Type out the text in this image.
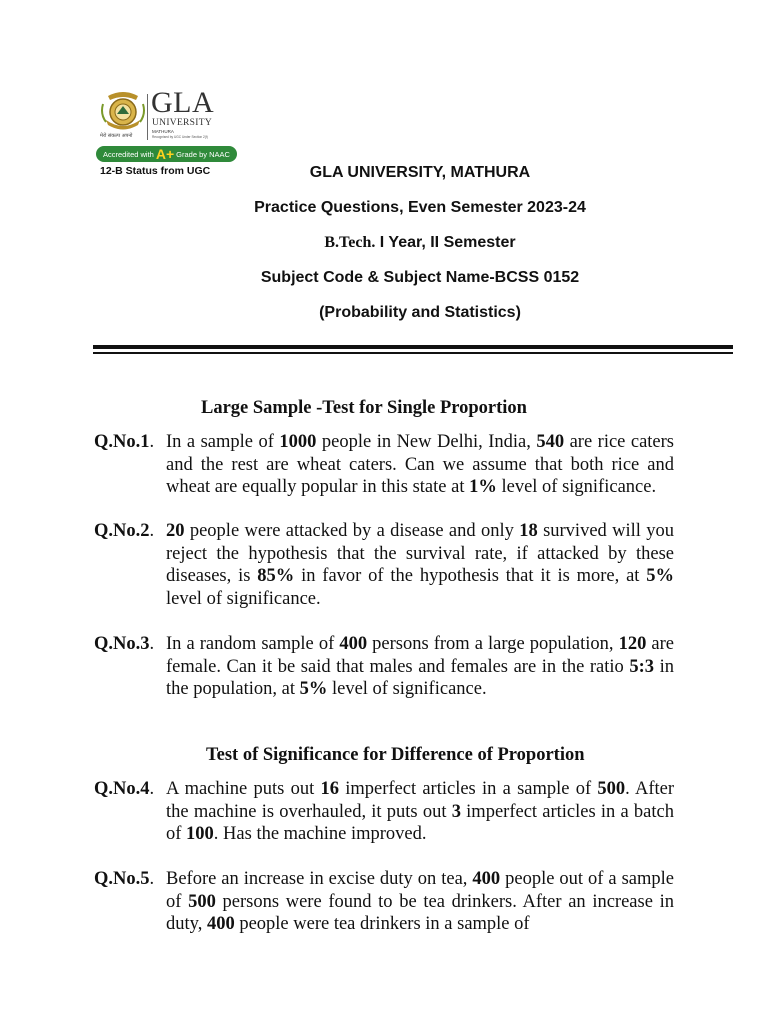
GLA
UNIVERSITY
MATHURA
Recognised by UGC Under Section 2(f)
मेरो संकल्प अपनो
Accredited with A+ Grade by NAAC
12-B Status from UGC	GLA UNIVERSITY, MATHURA
Practice Questions, Even Semester 2023-24
B.Tech. I Year, II Semester
Subject Code & Subject Name-BCSS 0152
(Probability and Statistics)
Large Sample -Test for Single Proportion
Q.No.1. In a sample of 1000 people in New Delhi, India, 540 are rice caters and the rest are wheat caters. Can we assume that both rice and wheat are equally popular in this state at 1% level of significance.
Q.No.2. 20 people were attacked by a disease and only 18 survived will you reject the hypothesis that the survival rate, if attacked by these diseases, is 85% in favor of the hypothesis that it is more, at 5% level of significance.
Q.No.3. In a random sample of 400 persons from a large population, 120 are female. Can it be said that males and females are in the ratio 5:3 in the population, at 5% level of significance.
Test of Significance for Difference of Proportion
Q.No.4. A machine puts out 16 imperfect articles in a sample of 500. After the machine is overhauled, it puts out 3 imperfect articles in a batch of 100. Has the machine improved.
Q.No.5. Before an increase in excise duty on tea, 400 people out of a sample of 500 persons were found to be tea drinkers. After an increase in duty, 400 people were tea drinkers in a sample of
